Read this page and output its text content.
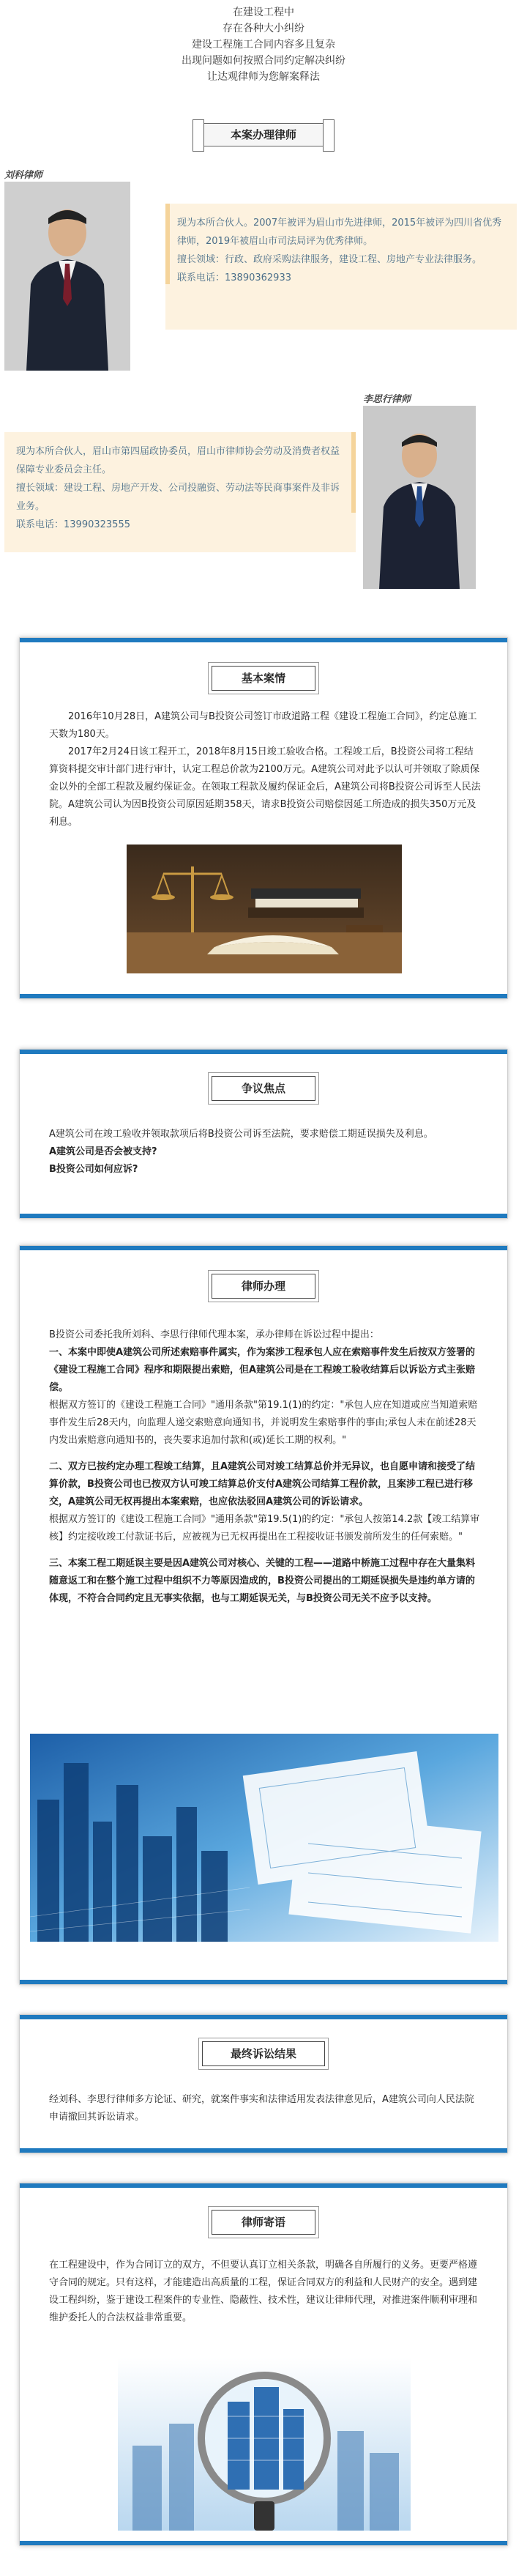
在建设工程中
存在各种大小纠纷
建设工程施工合同内容多且复杂
出现问题如何按照合同约定解决纠纷
让达观律师为您解案释法
本案办理律师
刘科律师
现为本所合伙人。2007年被评为眉山市先进律师，2015年被评为四川省优秀律师，2019年被眉山市司法局评为优秀律师。
擅长领域：行政、政府采购法律服务，建设工程、房地产专业法律服务。
联系电话：13890362933
李思行律师
现为本所合伙人，眉山市第四届政协委员，眉山市律师协会劳动及消费者权益保障专业委员会主任。
擅长领域：建设工程、房地产开发、公司投融资、劳动法等民商事案件及非诉业务。
联系电话：13990323555
基本案情

2016年10月28日，A建筑公司与B投资公司签订市政道路工程《建设工程施工合同》，约定总施工天数为180天。

2017年2月24日该工程开工，2018年8月15日竣工验收合格。工程竣工后，B投资公司将工程结算资料提交审计部门进行审计，认定工程总价款为2100万元。A建筑公司对此予以认可并领取了除质保金以外的全部工程款及履约保证金。在领取工程款及履约保证金后，A建筑公司将B投资公司诉至人民法院。A建筑公司认为因B投资公司原因延期358天，请求B投资公司赔偿因延工所造成的损失350万元及利息。

争议焦点

A建筑公司在竣工验收并领取款项后将B投资公司诉至法院，要求赔偿工期延误损失及利息。

A建筑公司是否会被支持?

B投资公司如何应诉?

律师办理

B投资公司委托我所刘科、李思行律师代理本案，承办律师在诉讼过程中提出：

一、本案中即使A建筑公司所述索赔事件属实，作为案涉工程承包人应在索赔事件发生后按双方签署的《建设工程施工合同》程序和期限提出索赔，但A建筑公司是在工程竣工验收结算后以诉讼方式主张赔偿。

根据双方签订的《建设工程施工合同》"通用条款"第19.1(1)的约定："承包人应在知道或应当知道索赔事件发生后28天内，向监理人递交索赔意向通知书，并说明发生索赔事件的事由;承包人未在前述28天内发出索赔意向通知书的，丧失要求追加付款和(或)延长工期的权利。"

二、双方已按约定办理工程竣工结算，且A建筑公司对竣工结算总价并无异议，也自愿申请和接受了结算价款，B投资公司也已按双方认可竣工结算总价支付A建筑公司结算工程价款，且案涉工程已进行移交，A建筑公司无权再提出本案索赔，也应依法驳回A建筑公司的诉讼请求。

根据双方签订的《建设工程施工合同》"通用条款"第19.5(1)的约定："承包人按第14.2款【竣工结算审核】约定接收竣工付款证书后，应被视为已无权再提出在工程接收证书颁发前所发生的任何索赔。"

三、本案工程工期延误主要是因A建筑公司对核心、关键的工程——道路中桥施工过程中存在大量集料随意返工和在整个施工过程中组织不力等原因造成的，B投资公司提出的工期延误损失是违约单方请的体现，不符合合同约定且无事实依据，也与工期延误无关，与B投资公司无关不应予以支持。

最终诉讼结果
经刘科、李思行律师多方论证、研究，就案件事实和法律适用发表法律意见后，A建筑公司向人民法院申请撤回其诉讼请求。
律师寄语
在工程建设中，作为合同订立的双方，不但要认真订立相关条款，明确各自所履行的义务。更要严格遵守合同的规定。只有这样，才能建造出高质量的工程，保证合同双方的利益和人民财产的安全。遇到建设工程纠纷，鉴于建设工程案件的专业性、隐蔽性、技术性，建议让律师代理，对推进案件顺利审理和维护委托人的合法权益非常重要。
